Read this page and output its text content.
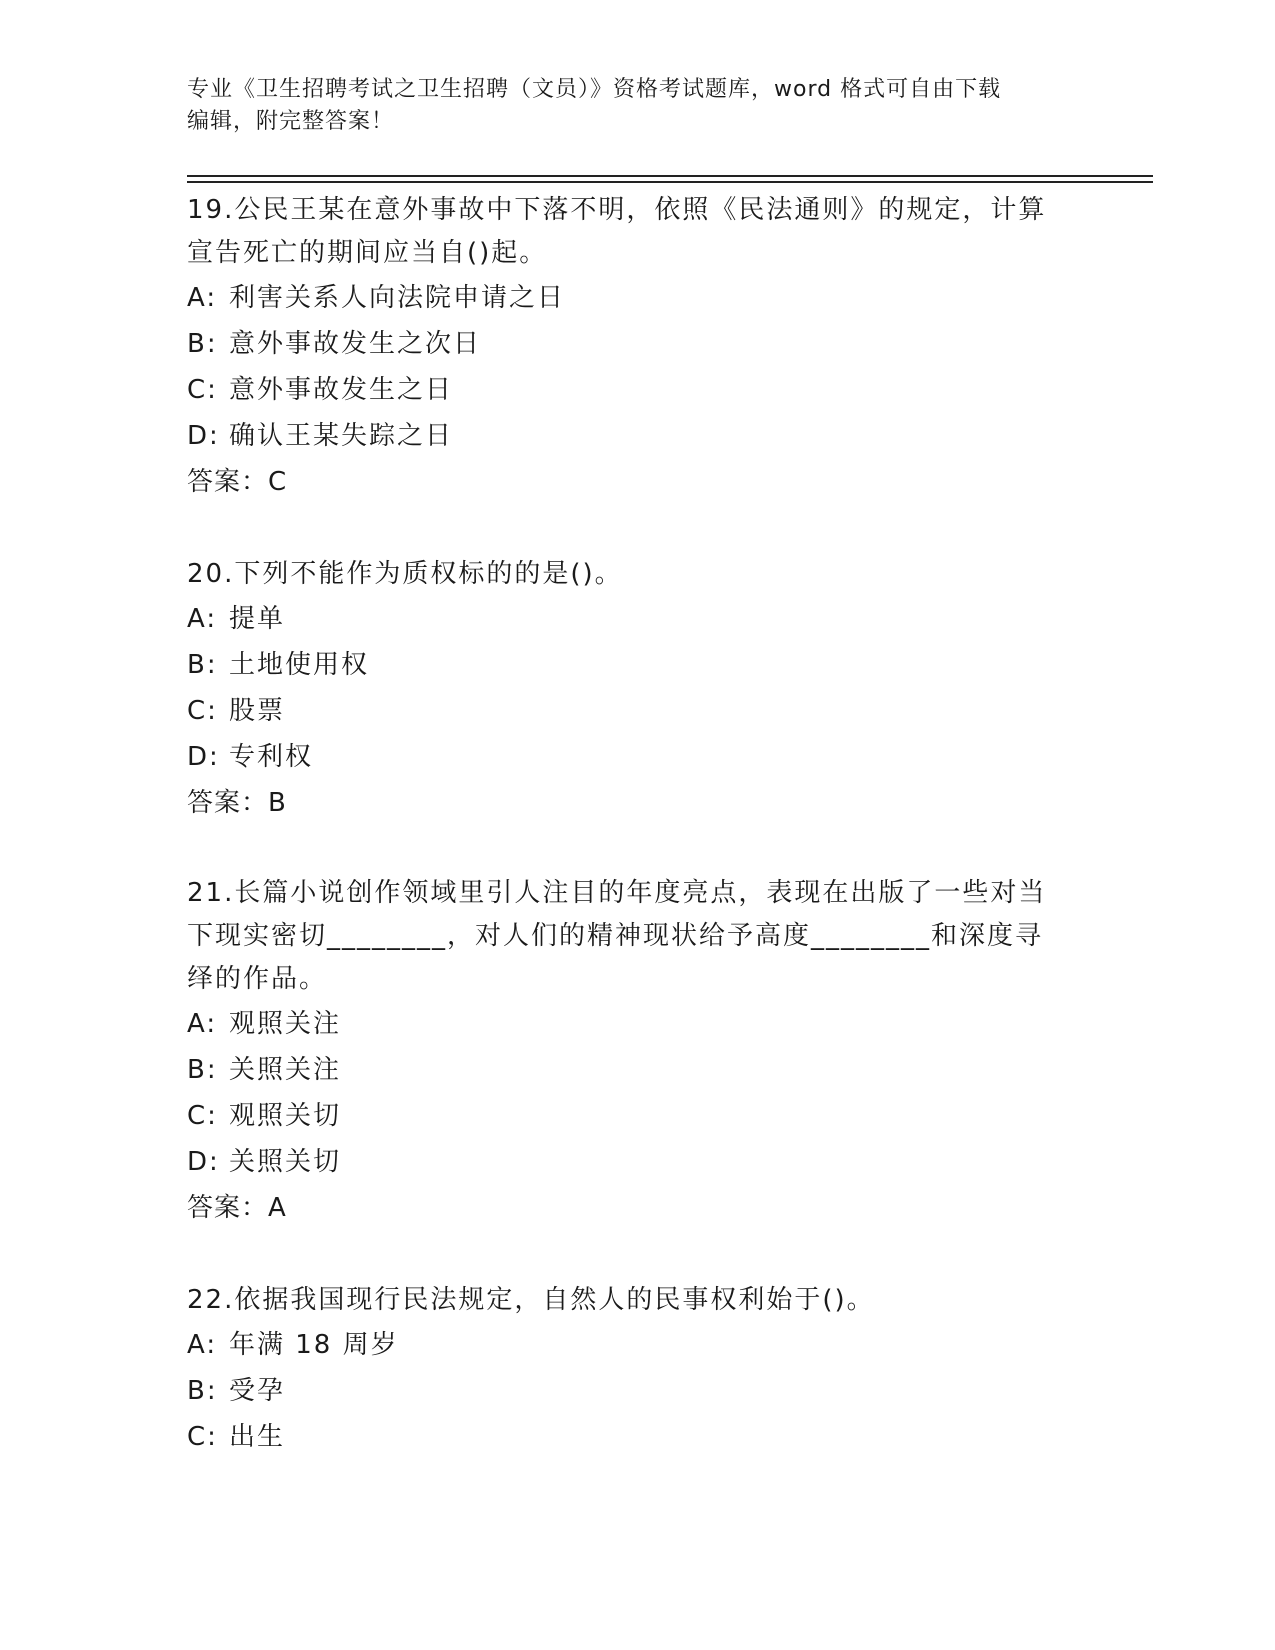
专业《卫生招聘考试之卫生招聘（文员）》资格考试题库，word 格式可自由下载
编辑，附完整答案！
19.公民王某在意外事故中下落不明，依照《民法通则》的规定，计算
宣告死亡的期间应当自()起。
A: 利害关系人向法院申请之日
B: 意外事故发生之次日
C: 意外事故发生之日
D: 确认王某失踪之日
答案：C
20.下列不能作为质权标的的是()。
A: 提单
B: 土地使用权
C: 股票
D: 专利权
答案：B
21.长篇小说创作领域里引人注目的年度亮点，表现在出版了一些对当
下现实密切________，对人们的精神现状给予高度________和深度寻
绎的作品。
A: 观照关注
B: 关照关注
C: 观照关切
D: 关照关切
答案：A
22.依据我国现行民法规定，自然人的民事权利始于()。
A: 年满 18 周岁
B: 受孕
C: 出生
